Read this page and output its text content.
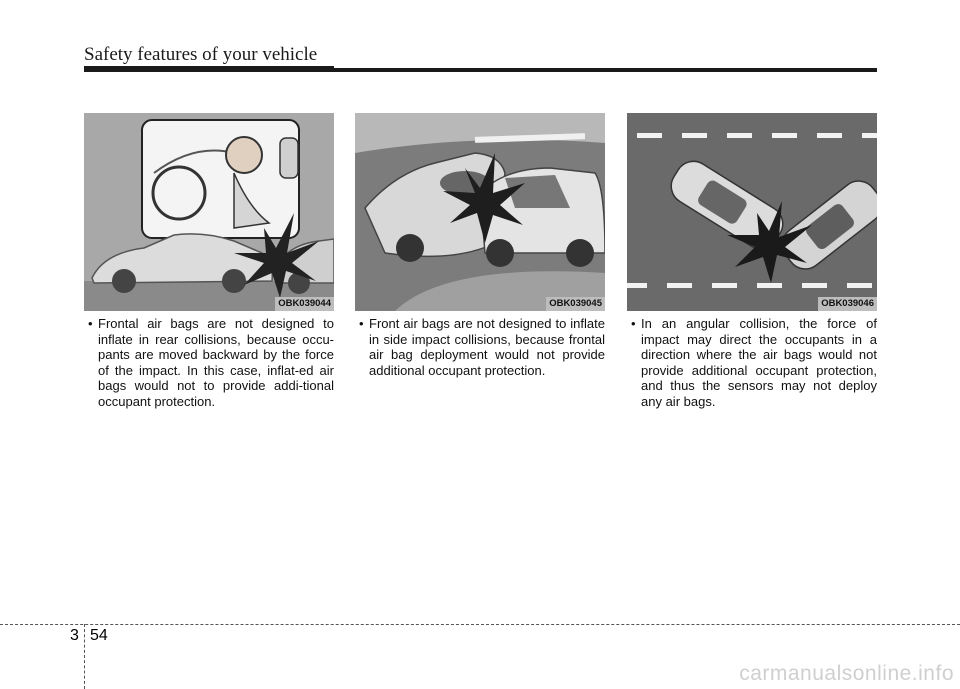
Safety features of your vehicle
OBK039044	OBK039045	OBK039046
• Frontal air bags are not designed to inflate in rear collisions, because occu-pants are moved backward by the force of the impact. In this case, inflat-ed air bags would not to provide addi-tional occupant protection.
• Front air bags are not designed to inflate in side impact collisions, because frontal air bag deployment would not provide additional occupant protection.
• In an angular collision, the force of impact may direct the occupants in a direction where the air bags would not provide additional occupant protection, and thus the sensors may not deploy any air bags.
3 54
carmanualsonline.info
